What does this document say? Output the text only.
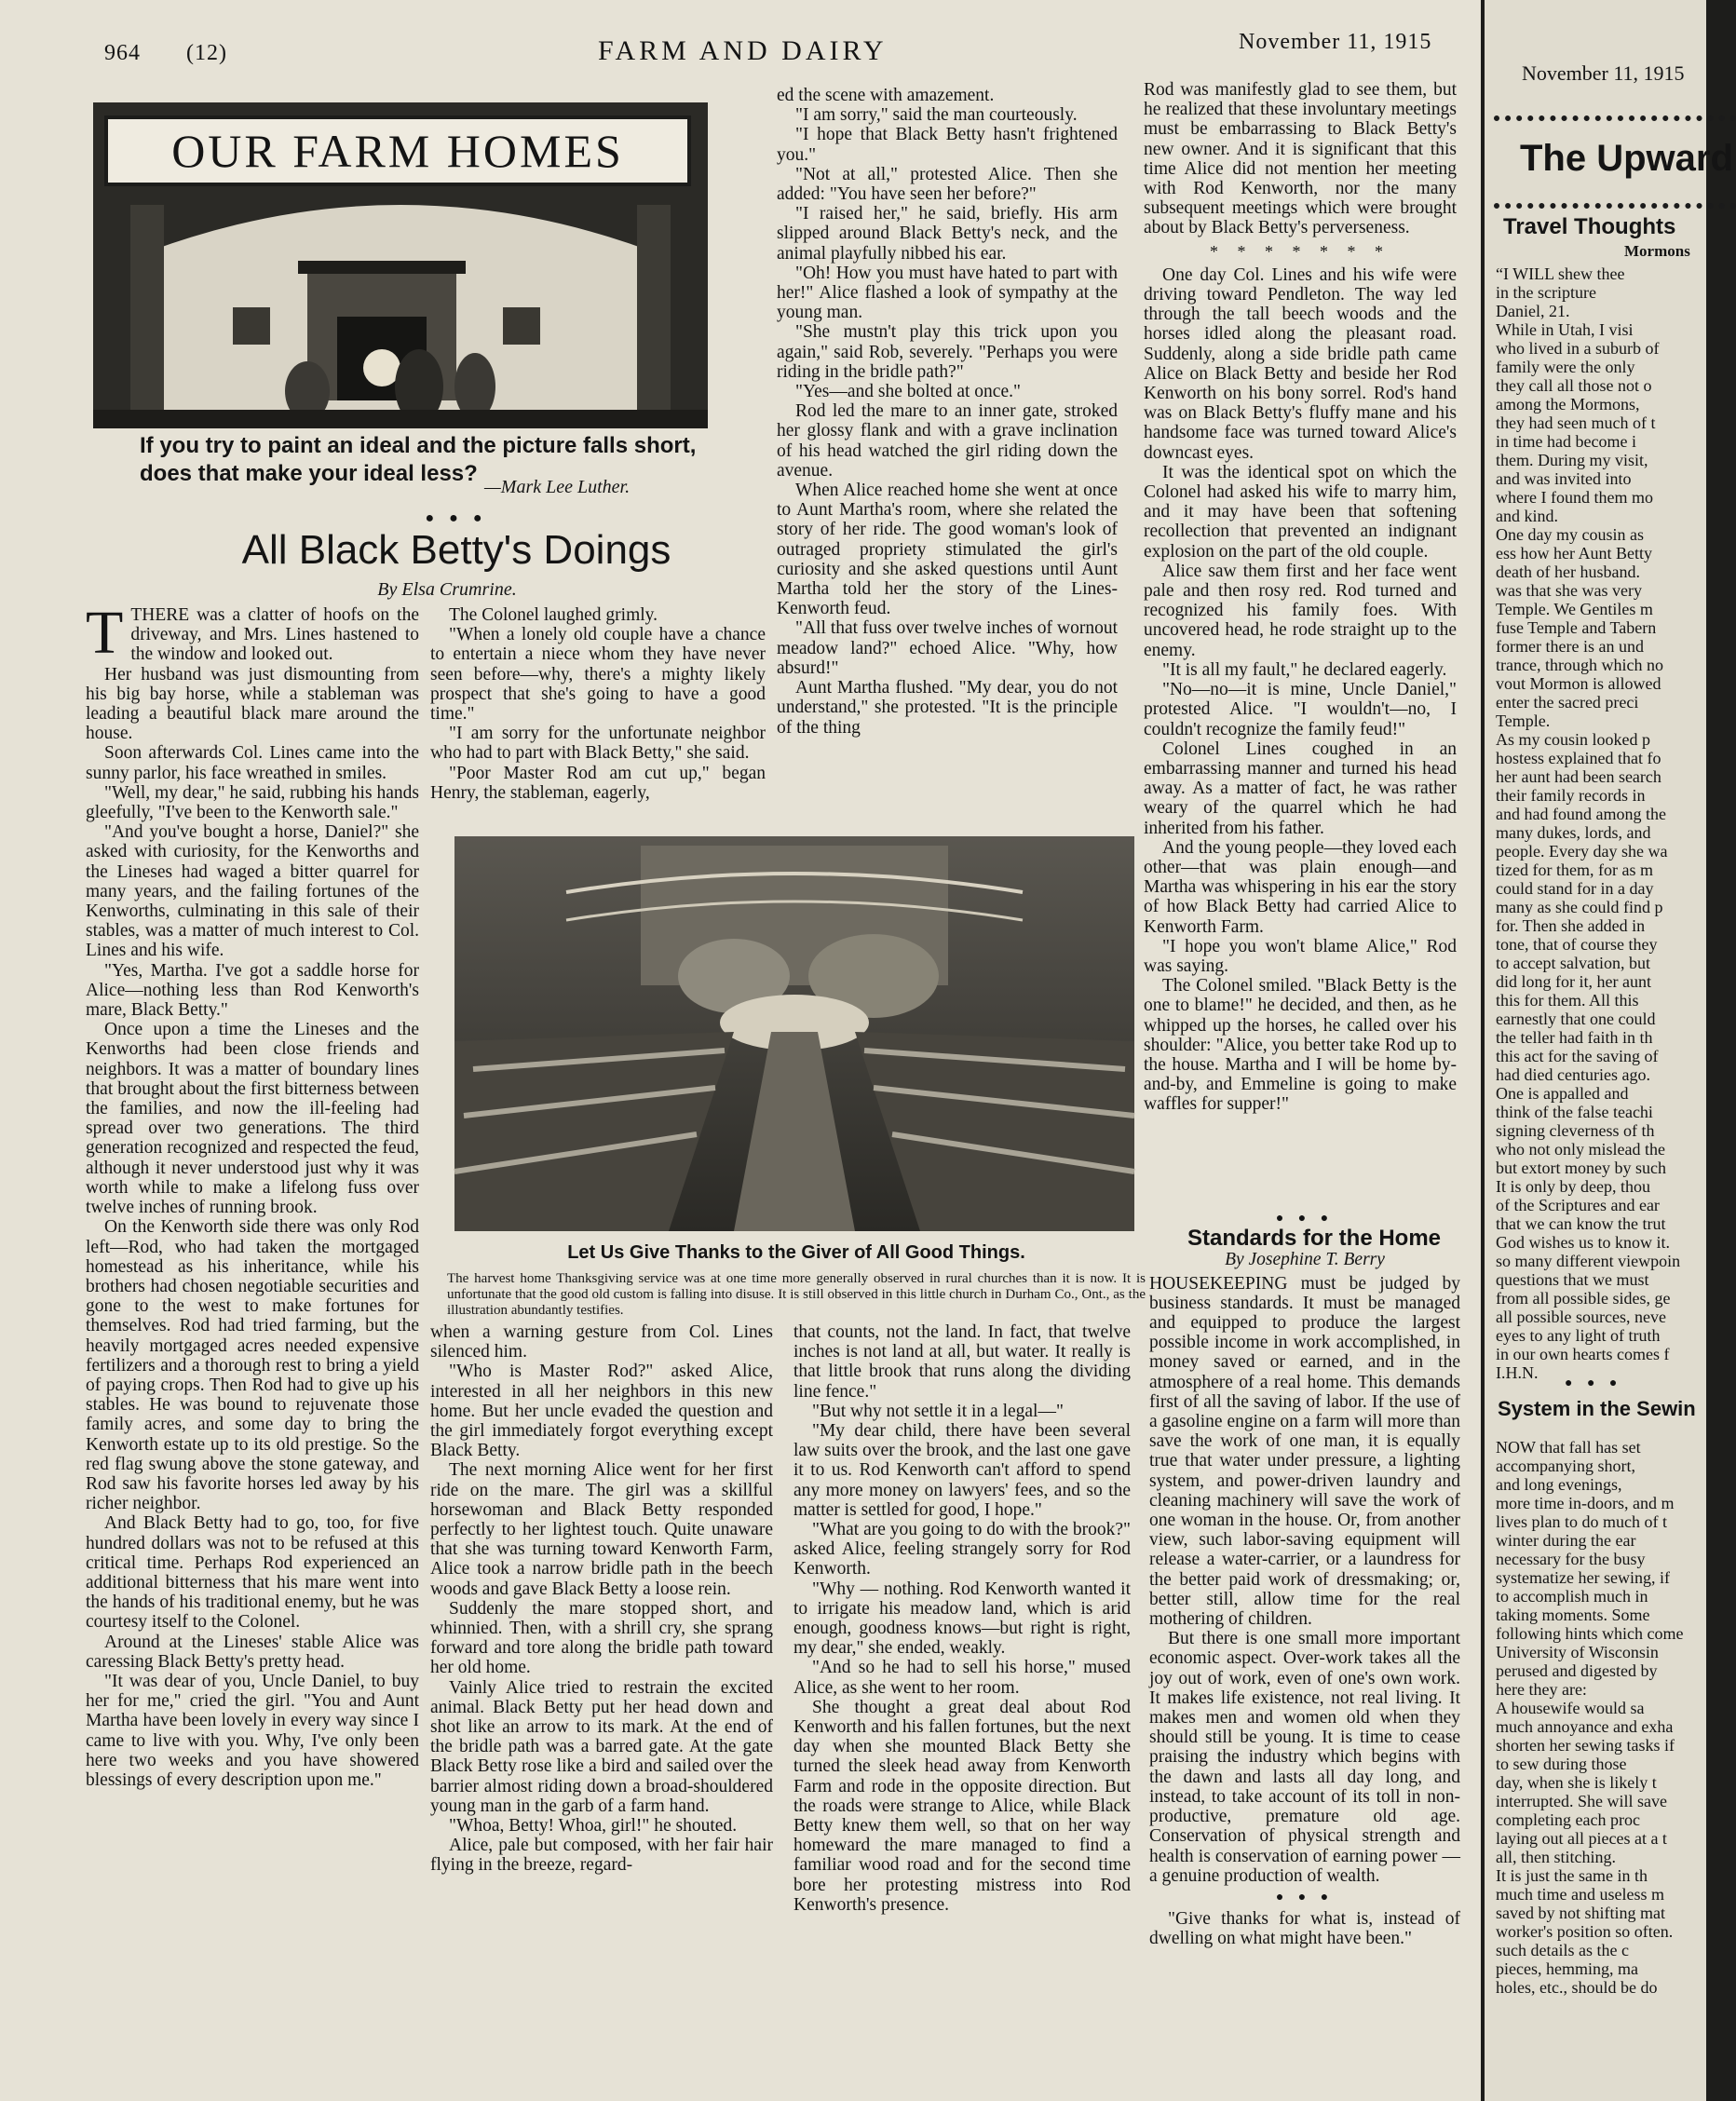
964 (12)	FARM AND DAIRY	November 11, 1915
OUR FARM HOMES
If you try to paint an ideal and the picture falls short, does that make your ideal less?
—Mark Lee Luther.
● ● ●
All Black Betty's Doings
By Elsa Crumrine.

TTHERE was a clatter of hoofs on the driveway, and Mrs. Lines hastened to the window and looked out.

Her husband was just dismounting from his big bay horse, while a stableman was leading a beautiful black mare around the house.

Soon afterwards Col. Lines came into the sunny parlor, his face wreathed in smiles.

"Well, my dear," he said, rubbing his hands gleefully, "I've been to the Kenworth sale."

"And you've bought a horse, Daniel?" she asked with curiosity, for the Kenworths and the Lineses had waged a bitter quarrel for many years, and the failing fortunes of the Kenworths, culminating in this sale of their stables, was a matter of much interest to Col. Lines and his wife.

"Yes, Martha. I've got a saddle horse for Alice—nothing less than Rod Kenworth's mare, Black Betty."

Once upon a time the Lineses and the Kenworths had been close friends and neighbors. It was a matter of boundary lines that brought about the first bitterness between the families, and now the ill-feeling had spread over two generations. The third generation recognized and respected the feud, although it never understood just why it was worth while to make a lifelong fuss over twelve inches of running brook.

On the Kenworth side there was only Rod left—Rod, who had taken the mortgaged homestead as his inheritance, while his brothers had chosen negotiable securities and gone to the west to make fortunes for themselves. Rod had tried farming, but the heavily mortgaged acres needed expensive fertilizers and a thorough rest to bring a yield of paying crops. Then Rod had to give up his stables. He was bound to rejuvenate those family acres, and some day to bring the Kenworth estate up to its old prestige. So the red flag swung above the stone gateway, and Rod saw his favorite horses led away by his richer neighbor.

And Black Betty had to go, too, for five hundred dollars was not to be refused at this critical time. Perhaps Rod experienced an additional bitterness that his mare went into the hands of his traditional enemy, but he was courtesy itself to the Colonel.

Around at the Lineses' stable Alice was caressing Black Betty's pretty head.

"It was dear of you, Uncle Daniel, to buy her for me," cried the girl. "You and Aunt Martha have been lovely in every way since I came to live with you. Why, I've only been here two weeks and you have showered blessings of every description upon me."

The Colonel laughed grimly.

"When a lonely old couple have a chance to entertain a niece whom they have never seen before—why, there's a mighty likely prospect that she's going to have a good time."

"I am sorry for the unfortunate neighbor who had to part with Black Betty," she said.

"Poor Master Rod am cut up," began Henry, the stableman, eagerly,

ed the scene with amazement.

"I am sorry," said the man courteously.

"I hope that Black Betty hasn't frightened you."

"Not at all," protested Alice. Then she added: "You have seen her before?"

"I raised her," he said, briefly. His arm slipped around Black Betty's neck, and the animal playfully nibbed his ear.

"Oh! How you must have hated to part with her!" Alice flashed a look of sympathy at the young man.

"She mustn't play this trick upon you again," said Rob, severely. "Perhaps you were riding in the bridle path?"

"Yes—and she bolted at once."

Rod led the mare to an inner gate, stroked her glossy flank and with a grave inclination of his head watched the girl riding down the avenue.

When Alice reached home she went at once to Aunt Martha's room, where she related the story of her ride. The good woman's look of outraged propriety stimulated the girl's curiosity and she asked questions until Aunt Martha told her the story of the Lines-Kenworth feud.

"All that fuss over twelve inches of wornout meadow land?" echoed Alice. "Why, how absurd!"

Aunt Martha flushed. "My dear, you do not understand," she protested. "It is the principle of the thing

Rod was manifestly glad to see them, but he realized that these involuntary meetings must be embarrassing to Black Betty's new owner. And it is significant that this time Alice did not mention her meeting with Rod Kenworth, nor the many subsequent meetings which were brought about by Black Betty's perverseness.

* * * * * * *

One day Col. Lines and his wife were driving toward Pendleton. The way led through the tall beech woods and the horses idled along the pleasant road. Suddenly, along a side bridle path came Alice on Black Betty and beside her Rod Kenworth on his bony sorrel. Rod's hand was on Black Betty's fluffy mane and his handsome face was turned toward Alice's downcast eyes.

It was the identical spot on which the Colonel had asked his wife to marry him, and it may have been that softening recollection that prevented an indignant explosion on the part of the old couple.

Alice saw them first and her face went pale and then rosy red. Rod turned and recognized his family foes. With uncovered head, he rode straight up to the enemy.

"It is all my fault," he declared eagerly.

"No—no—it is mine, Uncle Daniel," protested Alice. "I wouldn't—no, I couldn't recognize the family feud!"

Colonel Lines coughed in an embarrassing manner and turned his head away. As a matter of fact, he was rather weary of the quarrel which he had inherited from his father.

And the young people—they loved each other—that was plain enough—and Martha was whispering in his ear the story of how Black Betty had carried Alice to Kenworth Farm.

"I hope you won't blame Alice," Rod was saying.

The Colonel smiled. "Black Betty is the one to blame!" he decided, and then, as he whipped up the horses, he called over his shoulder: "Alice, you better take Rod up to the house. Martha and I will be home by-and-by, and Emmeline is going to make waffles for supper!"

Let Us Give Thanks to the Giver of All Good Things.
The harvest home Thanksgiving service was at one time more generally observed in rural churches than it is now. It is unfortunate that the good old custom is falling into disuse. It is still observed in this little church in Durham Co., Ont., as the illustration abundantly testifies.

when a warning gesture from Col. Lines silenced him.

"Who is Master Rod?" asked Alice, interested in all her neighbors in this new home. But her uncle evaded the question and the girl immediately forgot everything except Black Betty.

The next morning Alice went for her first ride on the mare. The girl was a skillful horsewoman and Black Betty responded perfectly to her lightest touch. Quite unaware that she was turning toward Kenworth Farm, Alice took a narrow bridle path in the beech woods and gave Black Betty a loose rein.

Suddenly the mare stopped short, and whinnied. Then, with a shrill cry, she sprang forward and tore along the bridle path toward her old home.

Vainly Alice tried to restrain the excited animal. Black Betty put her head down and shot like an arrow to its mark. At the end of the bridle path was a barred gate. At the gate Black Betty rose like a bird and sailed over the barrier almost riding down a broad-shouldered young man in the garb of a farm hand.

"Whoa, Betty! Whoa, girl!" he shouted.

Alice, pale but composed, with her fair hair flying in the breeze, regard-

that counts, not the land. In fact, that twelve inches is not land at all, but water. It really is that little brook that runs along the dividing line fence."

"But why not settle it in a legal—"

"My dear child, there have been several law suits over the brook, and the last one gave it to us. Rod Kenworth can't afford to spend any more money on lawyers' fees, and so the matter is settled for good, I hope."

"What are you going to do with the brook?" asked Alice, feeling strangely sorry for Rod Kenworth.

"Why — nothing. Rod Kenworth wanted it to irrigate his meadow land, which is arid enough, goodness knows—but right is right, my dear," she ended, weakly.

"And so he had to sell his horse," mused Alice, as she went to her room.

She thought a great deal about Rod Kenworth and his fallen fortunes, but the next day when she mounted Black Betty she turned the sleek head away from Kenworth Farm and rode in the opposite direction. But the roads were strange to Alice, while Black Betty knew them well, so that on her way homeward the mare managed to find a familiar wood road and for the second time bore her protesting mistress into Rod Kenworth's presence.

● ● ●

Standards for the Home

By Josephine T. Berry

HOUSEKEEPING must be judged by business standards. It must be managed and equipped to produce the largest possible income in work accomplished, in money saved or earned, and in the atmosphere of a real home. This demands first of all the saving of labor. If the use of a gasoline engine on a farm will more than save the work of one man, it is equally true that water under pressure, a lighting system, and power-driven laundry and cleaning machinery will save the work of one woman in the house. Or, from another view, such labor-saving equipment will release a water-carrier, or a laundress for the better paid work of dressmaking; or, better still, allow time for the real mothering of children.

But there is one small more important economic aspect. Over-work takes all the joy out of work, even of one's own work. It makes life existence, not real living. It makes men and women old when they should still be young. It is time to cease praising the industry which begins with the dawn and lasts all day long, and instead, to take account of its toll in non-productive, premature old age. Conservation of physical strength and health is conservation of earning power — a genuine production of wealth.

● ● ●

"Give thanks for what is, instead of dwelling on what might have been."

November 11, 1915
The Upward
Travel Thoughts
Mormons

“I WILL shew thee

in the scripture

Daniel, 21.

While in Utah, I visi

who lived in a suburb of

family were the only

they call all those not o

among the Mormons,

they had seen much of t

in time had become i

them. During my visit,

and was invited into

where I found them mo

and kind.

One day my cousin as

ess how her Aunt Betty

death of her husband.

was that she was very

Temple. We Gentiles m

fuse Temple and Tabern

former there is an und

trance, through which no

vout Mormon is allowed

enter the sacred preci

Temple.

As my cousin looked p

hostess explained that fo

her aunt had been search

their family records in

and had found among the

many dukes, lords, and

people. Every day she wa

tized for them, for as m

could stand for in a day

many as she could find p

for. Then she added in

tone, that of course they

to accept salvation, but

did long for it, her aunt

this for them. All this

earnestly that one could

the teller had faith in th

this act for the saving of

had died centuries ago.

One is appalled and

think of the false teachi

signing cleverness of th

who not only mislead the

but extort money by such

It is only by deep, thou

of the Scriptures and ear

that we can know the trut

God wishes us to know it.

so many different viewpoin

questions that we must

from all possible sides, ge

all possible sources, neve

eyes to any light of truth

in our own hearts comes f

I.H.N.

● ● ●
System in the Sewin

NOW that fall has set

accompanying short,

and long evenings,

more time in-doors, and m

lives plan to do much of t

winter during the ear

necessary for the busy

systematize her sewing, if

to accomplish much in

taking moments. Some

following hints which come

University of Wisconsin

perused and digested by

here they are:

A housewife would sa

much annoyance and exha

shorten her sewing tasks if

to sew during those

day, when she is likely t

interrupted. She will save

completing each proc

laying out all pieces at a t

all, then stitching.

It is just the same in th

much time and useless m

saved by not shifting mat

worker's position so often.

such details as the c

pieces, hemming, ma

holes, etc., should be do
